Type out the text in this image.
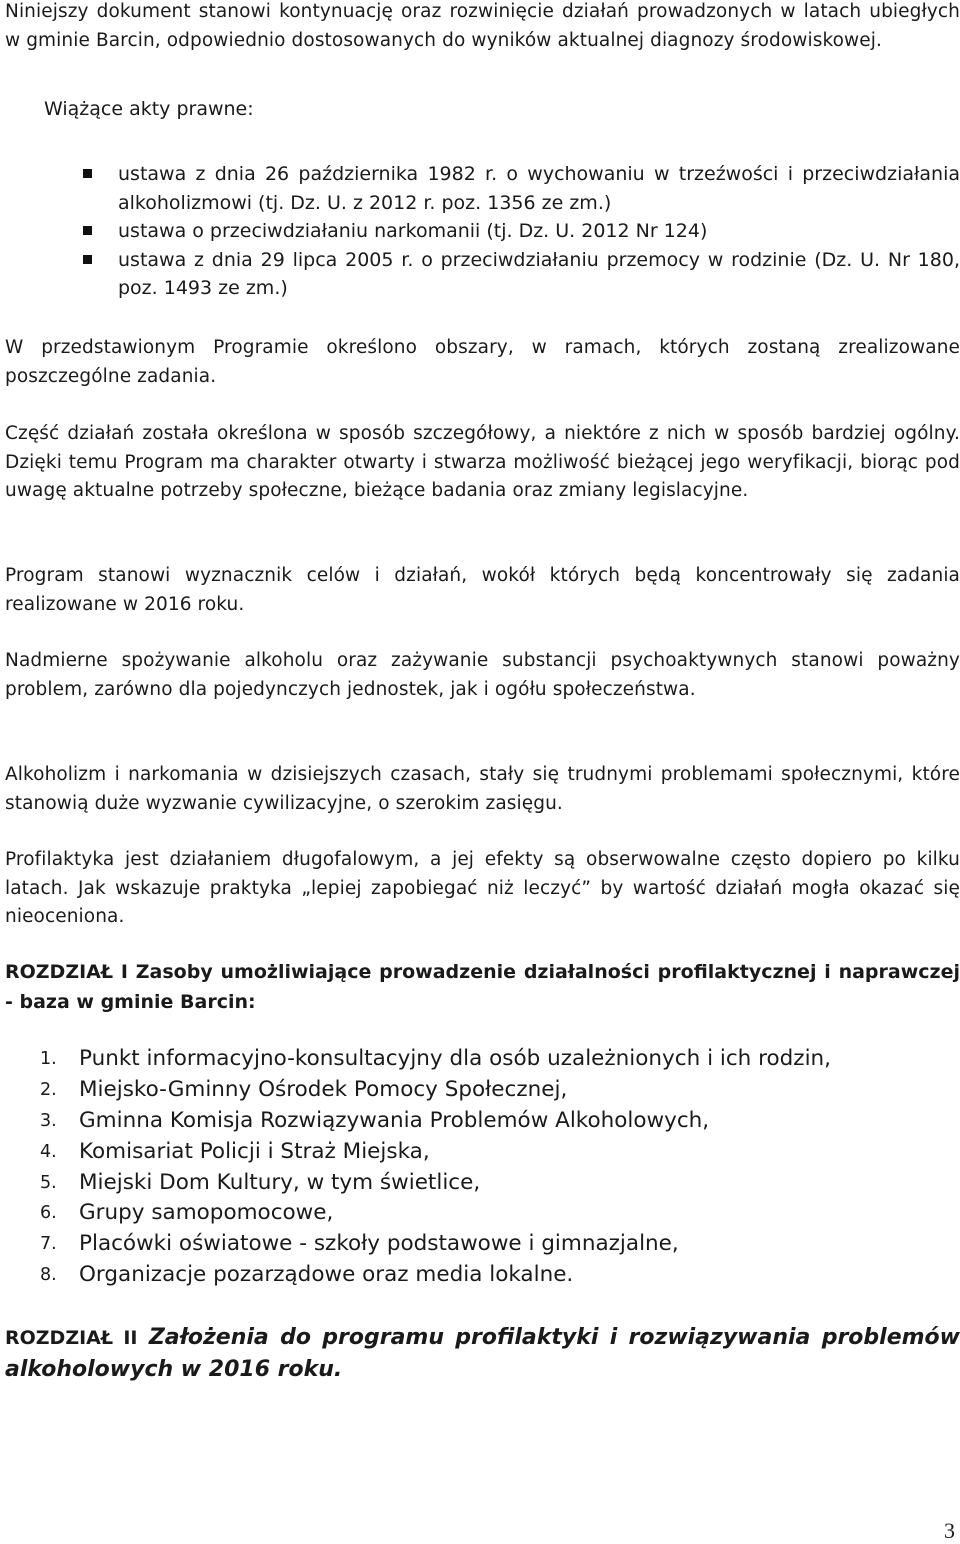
Niniejszy dokument stanowi kontynuację oraz rozwinięcie działań prowadzonych w latach ubiegłych w gminie Barcin, odpowiednio dostosowanych do wyników aktualnej diagnozy środowiskowej.

Wiążące akty prawne:

ustawa z dnia 26 października 1982 r. o wychowaniu w trzeźwości i przeciwdziałania alkoholizmowi (tj. Dz. U. z 2012 r. poz. 1356 ze zm.)
ustawa o przeciwdziałaniu narkomanii (tj. Dz. U. 2012 Nr 124)
ustawa z dnia 29 lipca 2005 r. o przeciwdziałaniu przemocy w rodzinie (Dz. U. Nr 180, poz. 1493 ze zm.)

W przedstawionym Programie określono obszary, w ramach, których zostaną zrealizowane poszczególne zadania.

Część działań została określona w sposób szczegółowy, a niektóre z nich w sposób bardziej ogólny. Dzięki temu Program ma charakter otwarty i stwarza możliwość bieżącej jego weryfikacji, biorąc pod uwagę aktualne potrzeby społeczne, bieżące badania oraz zmiany legislacyjne.

Program stanowi wyznacznik celów i działań, wokół których będą koncentrowały się zadania realizowane w 2016 roku.

Nadmierne spożywanie alkoholu oraz zażywanie substancji psychoaktywnych stanowi poważny problem, zarówno dla pojedynczych jednostek, jak i ogółu społeczeństwa.

Alkoholizm i narkomania w dzisiejszych czasach, stały się trudnymi problemami społecznymi, które stanowią duże wyzwanie cywilizacyjne, o szerokim zasięgu.

Profilaktyka jest działaniem długofalowym, a jej efekty są obserwowalne często dopiero po kilku latach. Jak wskazuje praktyka „lepiej zapobiegać niż leczyć” by wartość działań mogła okazać się nieoceniona.

ROZDZIAŁ I Zasoby umożliwiające prowadzenie działalności profilaktycznej i naprawczej - baza w gminie Barcin:

1. Punkt informacyjno-konsultacyjny dla osób uzależnionych i ich rodzin,
2. Miejsko-Gminny Ośrodek Pomocy Społecznej,
3. Gminna Komisja Rozwiązywania Problemów Alkoholowych,
4. Komisariat Policji i Straż Miejska,
5. Miejski Dom Kultury, w tym świetlice,
6. Grupy samopomocowe,
7. Placówki oświatowe - szkoły podstawowe i gimnazjalne,
8. Organizacje pozarządowe oraz media lokalne.

ROZDZIAŁ II Założenia do programu profilaktyki i rozwiązywania problemów alkoholowych w 2016 roku.

3
